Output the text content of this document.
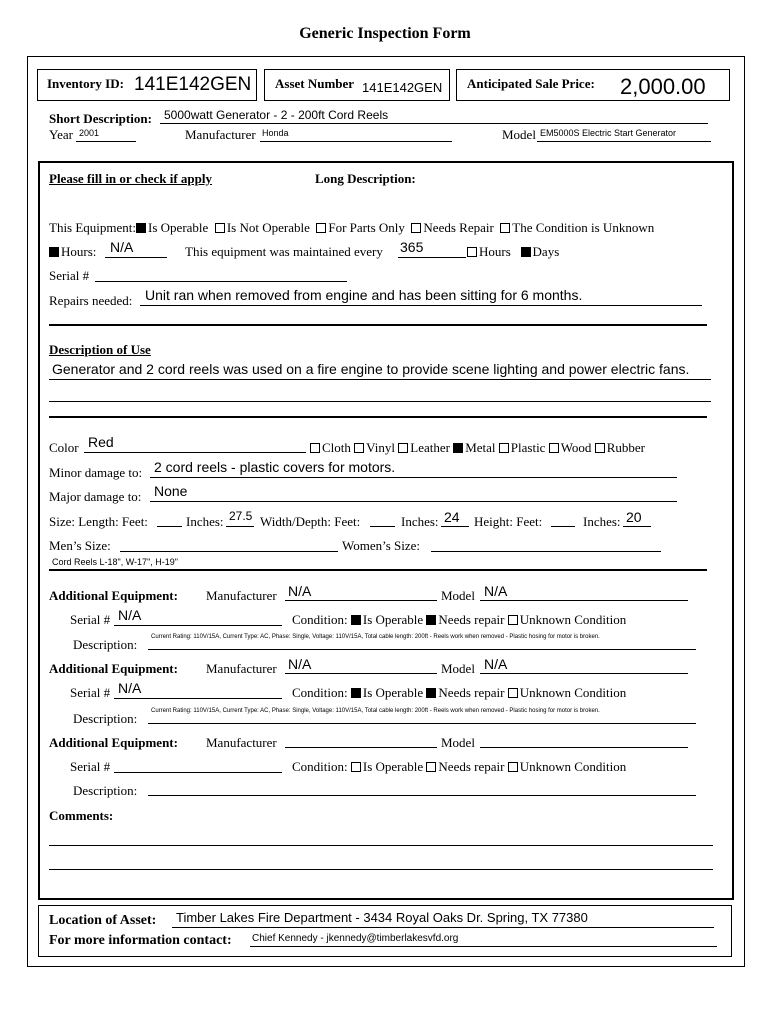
Generic Inspection Form
Inventory ID: 141E142GEN Asset Number 141E142GEN Anticipated Sale Price: 2,000.00
Short Description: 5000watt Generator - 2 - 200ft Cord Reels
Year 2001	Manufacturer Honda	Model EM5000S Electric Start Generator
Please fill in or check if apply	Long Description:
This Equipment: Is Operable Is Not Operable For Parts Only Needs Repair The Condition is Unknown
Hours: N/A	This equipment was maintained every 365	Hours Days
Serial #
Repairs needed: Unit ran when removed from engine and has been sitting for 6 months.
Description of Use
Generator and 2 cord reels was used on a fire engine to provide scene lighting and power electric fans.
Color Red	Cloth Vinyl Leather Metal Plastic Wood Rubber
Minor damage to: 2 cord reels - plastic covers for motors.
Major damage to: None
Size: Length: Feet:	Inches: 27.5 Width/Depth: Feet:	Inches: 24 Height: Feet:	Inches: 20
Men’s Size:	Women’s Size:
Cord Reels L-18", W-17", H-19"
Additional Equipment: Manufacturer N/A	Model N/A
Serial # N/A	Condition: Is Operable Needs repair Unknown Condition
Description: Current Rating: 110V/15A, Current Type: AC, Phase: Single, Voltage: 110V/15A, Total cable length: 200ft - Reels work when removed - Plastic hosing for motor is broken.
Additional Equipment: Manufacturer N/A	Model N/A
Serial # N/A	Condition: Is Operable Needs repair Unknown Condition
Description: Current Rating: 110V/15A, Current Type: AC, Phase: Single, Voltage: 110V/15A, Total cable length: 200ft - Reels work when removed - Plastic hosing for motor is broken.
Additional Equipment: Manufacturer	Model
Serial #	Condition: Is Operable Needs repair Unknown Condition
Description:
Comments:
Location of Asset: Timber Lakes Fire Department - 3434 Royal Oaks Dr. Spring, TX 77380
For more information contact: Chief Kennedy - jkennedy@timberlakesvfd.org
